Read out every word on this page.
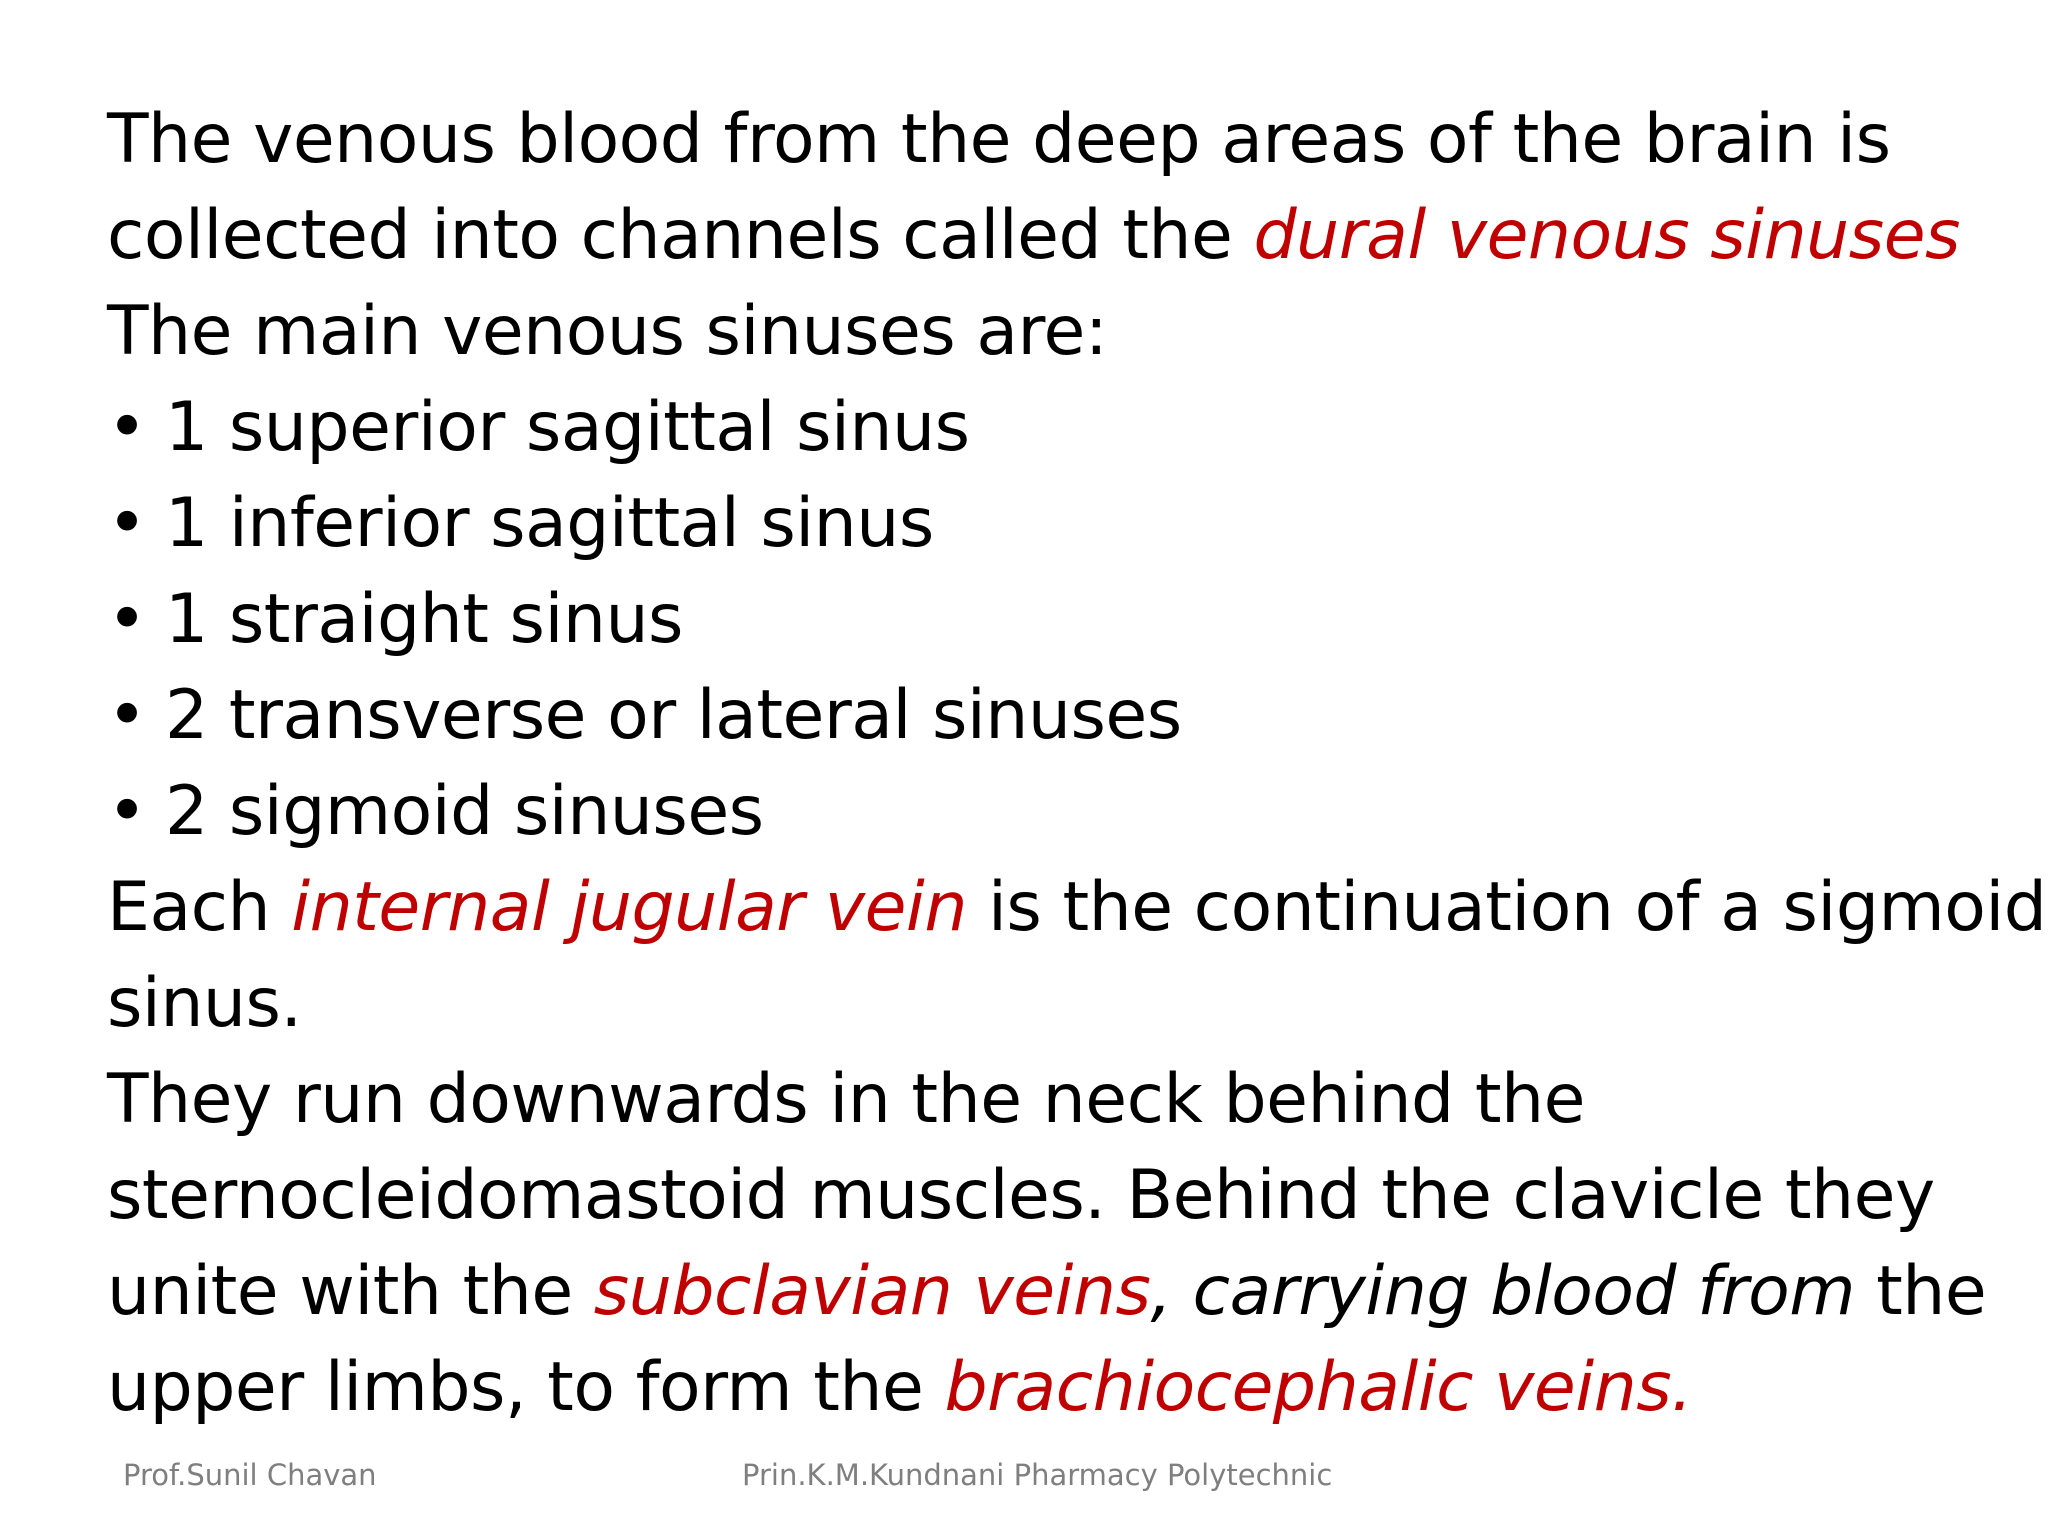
The venous blood from the deep areas of the brain is
collected into channels called the dural venous sinuses
The main venous sinuses are:
• 1 superior sagittal sinus
• 1 inferior sagittal sinus
• 1 straight sinus
• 2 transverse or lateral sinuses
• 2 sigmoid sinuses
Each internal jugular vein is the continuation of a sigmoid
sinus.
They run downwards in the neck behind the
sternocleidomastoid muscles. Behind the clavicle they
unite with the subclavian veins, carrying blood from the
upper limbs, to form the brachiocephalic veins.
Prof.Sunil Chavan	Prin.K.M.Kundnani Pharmacy Polytechnic
